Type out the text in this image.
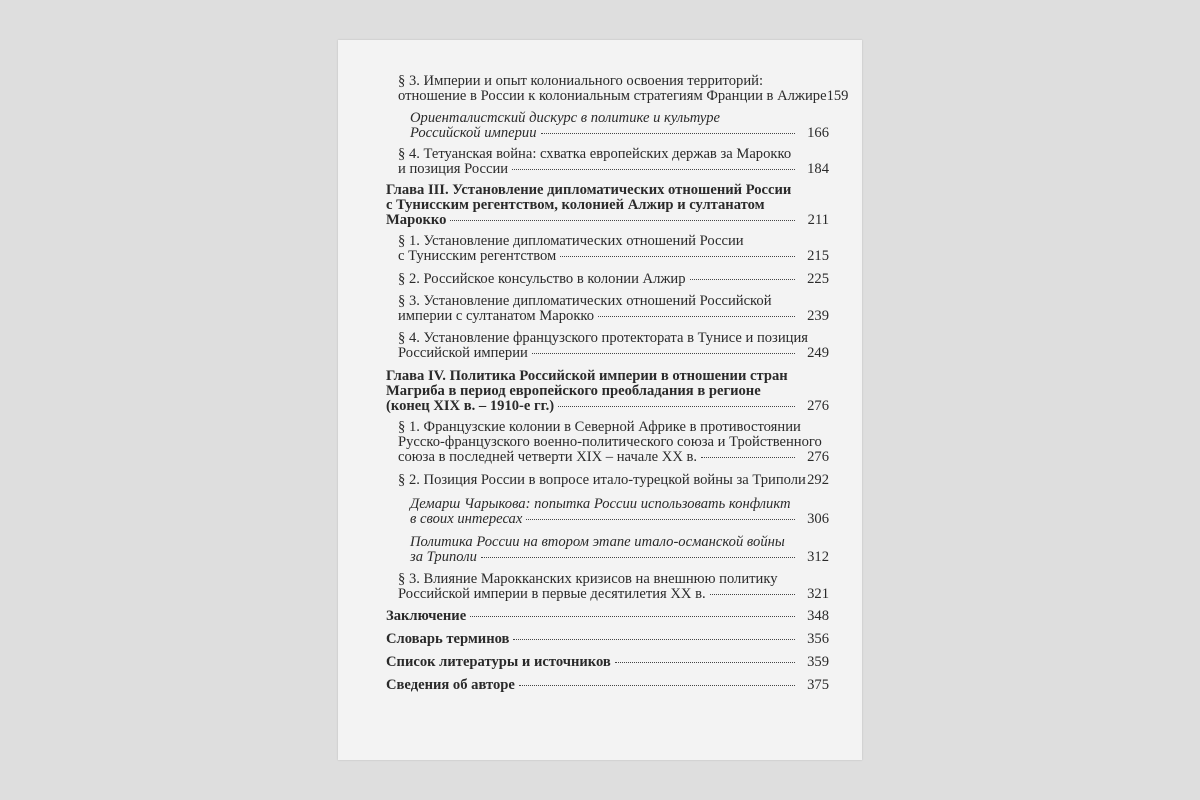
§ 3. Империи и опыт колониального освоения территорий:
отношение в России к колониальным стратегиям Франции в Алжире 159
Ориенталистский дискурс в политике и культуре
Российской империи	166
§ 4. Тетуанская война: схватка европейских держав за Марокко
и позиция России	184
Глава III. Установление дипломатических отношений России
с Тунисским регентством, колонией Алжир и султанатом
Марокко	211
§ 1. Установление дипломатических отношений России
с Тунисским регентством	215
§ 2. Российское консульство в колонии Алжир	225
§ 3. Установление дипломатических отношений Российской
империи с султанатом Марокко	239
§ 4. Установление французского протектората в Тунисе и позиция
Российской империи	249
Глава IV. Политика Российской империи в отношении стран
Магриба в период европейского преобладания в регионе
(конец XIX в. – 1910-е гг.)	276
§ 1. Французские колонии в Северной Африке в противостоянии
Русско-французского военно-политического союза и Тройственного
союза в последней четверти XIX – начале XX в.	276
§ 2. Позиция России в вопросе итало-турецкой войны за Триполи 292
Демарш Чарыкова: попытка России использовать конфликт
в своих интересах	306
Политика России на втором этапе итало-османской войны
за Триполи	312
§ 3. Влияние Марокканских кризисов на внешнюю политику
Российской империи в первые десятилетия XX в.	321
Заключение	348
Словарь терминов	356
Список литературы и источников	359
Сведения об авторе	375
